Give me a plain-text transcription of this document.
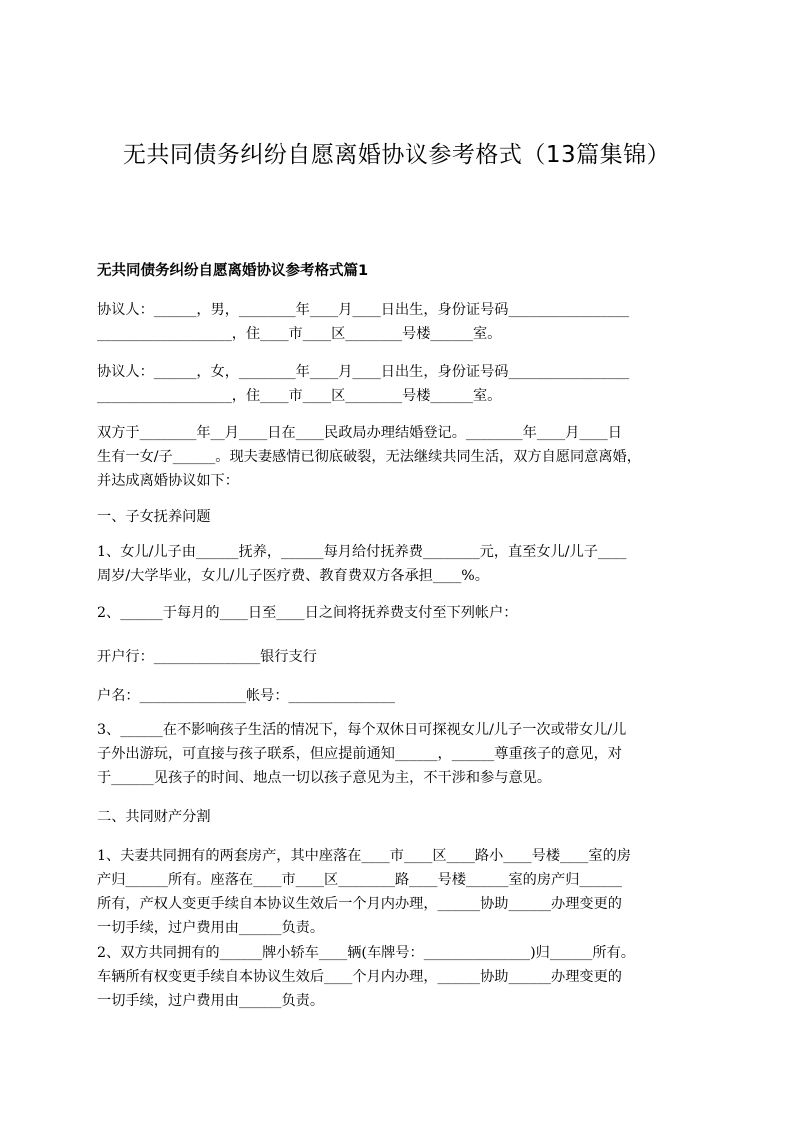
无共同债务纠纷自愿离婚协议参考格式（13篇集锦）
无共同债务纠纷自愿离婚协议参考格式篇1
协议人：______，男，________年____月____日出生，身份证号码_________________
___________________，住____市____区________号楼______室。
协议人：______，女，________年____月____日出生，身份证号码_________________
___________________，住____市____区________号楼______室。
双方于________年__月____日在____民政局办理结婚登记。________年____月____日
生有一女/子______。现夫妻感情已彻底破裂，无法继续共同生活，双方自愿同意离婚，
并达成离婚协议如下：
一、子女抚养问题
1、女儿/儿子由______抚养，______每月给付抚养费________元，直至女儿/儿子____
周岁/大学毕业，女儿/儿子医疗费、教育费双方各承担____%。
2、______于每月的____日至____日之间将抚养费支付至下列帐户：
开户行：_______________银行支行
户名：_______________帐号：_______________
3、______在不影响孩子生活的情况下，每个双休日可探视女儿/儿子一次或带女儿/儿
子外出游玩，可直接与孩子联系，但应提前通知______，______尊重孩子的意见，对
于______见孩子的时间、地点一切以孩子意见为主，不干涉和参与意见。
二、共同财产分割
1、夫妻共同拥有的两套房产，其中座落在____市____区____路小____号楼____室的房
产归______所有。座落在____市____区________路____号楼______室的房产归______
所有，产权人变更手续自本协议生效后一个月内办理，______协助______办理变更的
一切手续，过户费用由______负责。
2、双方共同拥有的______牌小轿车____辆(车牌号：_______________)归______所有。
车辆所有权变更手续自本协议生效后____个月内办理，______协助______办理变更的
一切手续，过户费用由______负责。
